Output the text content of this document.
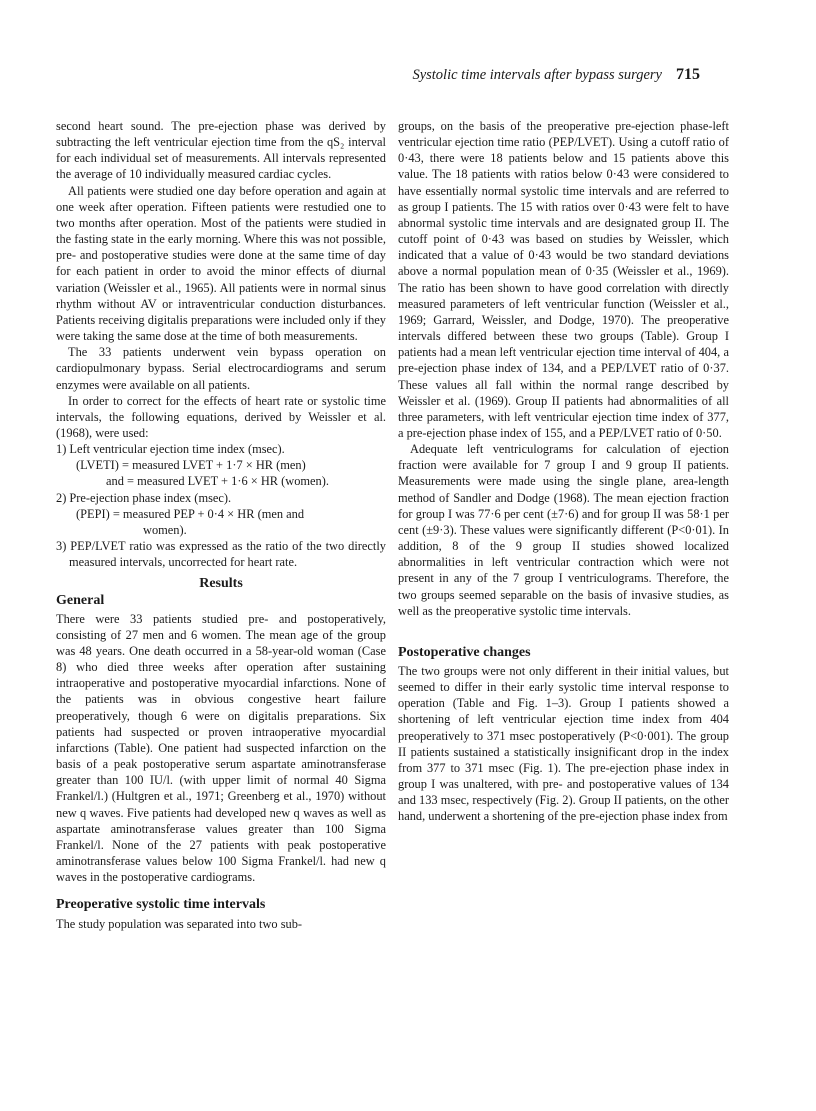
Systolic time intervals after bypass surgery 715

second heart sound. The pre-ejection phase was derived by subtracting the left ventricular ejection time from the qS₂ interval for each individual set of measurements. All intervals represented the average of 10 individually measured cardiac cycles.

All patients were studied one day before operation and again at one week after operation. Fifteen patients were restudied one to two months after operation. Most of the patients were studied in the fasting state in the early morning. Where this was not possible, pre- and postoperative studies were done at the same time of day for each patient in order to avoid the minor effects of diurnal variation (Weissler et al., 1965). All patients were in normal sinus rhythm without AV or intraventricular conduction disturbances. Patients receiving digitalis preparations were included only if they were taking the same dose at the time of both measurements.

The 33 patients underwent vein bypass operation on cardiopulmonary bypass. Serial electrocardiograms and serum enzymes were available on all patients.

In order to correct for the effects of heart rate or systolic time intervals, the following equations, derived by Weissler et al. (1968), were used:

1) Left ventricular ejection time index (msec).

(LVETI) = measured LVET + 1·7 × HR (men)

and = measured LVET + 1·6 × HR (women).

2) Pre-ejection phase index (msec).

(PEPI) = measured PEP + 0·4 × HR (men and

women).

3) PEP/LVET ratio was expressed as the ratio of the two directly measured intervals, uncorrected for heart rate.

Results
General

There were 33 patients studied pre- and postoperatively, consisting of 27 men and 6 women. The mean age of the group was 48 years. One death occurred in a 58-year-old woman (Case 8) who died three weeks after operation after sustaining intraoperative and postoperative myocardial infarctions. None of the patients was in obvious congestive heart failure preoperatively, though 6 were on digitalis preparations. Six patients had suspected or proven intraoperative myocardial infarctions (Table). One patient had suspected infarction on the basis of a peak postoperative serum aspartate aminotransferase greater than 100 IU/l. (with upper limit of normal 40 Sigma Frankel/l.) (Hultgren et al., 1971; Greenberg et al., 1970) without new q waves. Five patients had developed new q waves as well as aspartate aminotransferase values greater than 100 Sigma Frankel/l. None of the 27 patients with peak postoperative aminotransferase values below 100 Sigma Frankel/l. had new q waves in the postoperative cardiograms.

Preoperative systolic time intervals

The study population was separated into two sub-

groups, on the basis of the preoperative pre-ejection phase-left ventricular ejection time ratio (PEP/LVET). Using a cutoff ratio of 0·43, there were 18 patients below and 15 patients above this value. The 18 patients with ratios below 0·43 were considered to have essentially normal systolic time intervals and are referred to as group I patients. The 15 with ratios over 0·43 were felt to have abnormal systolic time intervals and are designated group II. The cutoff point of 0·43 was based on studies by Weissler, which indicated that a value of 0·43 would be two standard deviations above a normal population mean of 0·35 (Weissler et al., 1969). The ratio has been shown to have good correlation with directly measured parameters of left ventricular function (Weissler et al., 1969; Garrard, Weissler, and Dodge, 1970). The preoperative intervals differed between these two groups (Table). Group I patients had a mean left ventricular ejection time interval of 404, a pre-ejection phase index of 134, and a PEP/LVET ratio of 0·37. These values all fall within the normal range described by Weissler et al. (1969). Group II patients had abnormalities of all three parameters, with left ventricular ejection time index of 377, a pre-ejection phase index of 155, and a PEP/LVET ratio of 0·50.

Adequate left ventriculograms for calculation of ejection fraction were available for 7 group I and 9 group II patients. Measurements were made using the single plane, area-length method of Sandler and Dodge (1968). The mean ejection fraction for group I was 77·6 per cent (±7·6) and for group II was 58·1 per cent (±9·3). These values were significantly different (P<0·01). In addition, 8 of the 9 group II studies showed localized abnormalities in left ventricular contraction which were not present in any of the 7 group I ventriculograms. Therefore, the two groups seemed separable on the basis of invasive studies, as well as the preoperative systolic time intervals.

Postoperative changes

The two groups were not only different in their initial values, but seemed to differ in their early systolic time interval response to operation (Table and Fig. 1–3). Group I patients showed a shortening of left ventricular ejection time index from 404 preoperatively to 371 msec postoperatively (P<0·001). The group II patients sustained a statistically insignificant drop in the index from 377 to 371 msec (Fig. 1). The pre-ejection phase index in group I was unaltered, with pre- and postoperative values of 134 and 133 msec, respectively (Fig. 2). Group II patients, on the other hand, underwent a shortening of the pre-ejection phase index from
